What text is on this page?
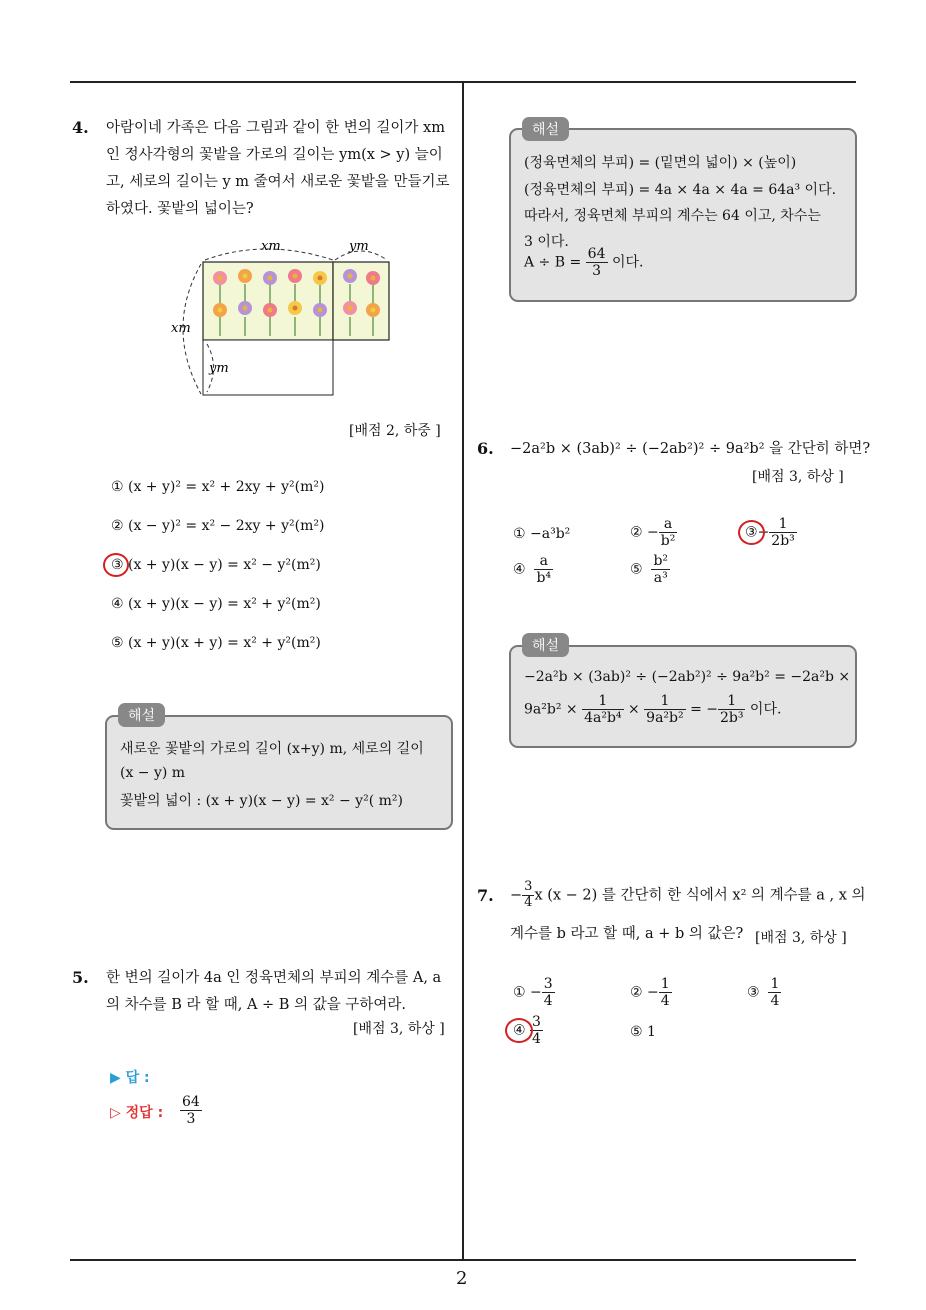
2
4. 아람이네 가족은 다음 그림과 같이 한 변의 길이가 xm
인 정사각형의 꽃밭을 가로의 길이는 ym(x > y) 늘이
고, 세로의 길이는 y m 줄여서 새로운 꽃밭을 만들기로
하였다. 꽃밭의 넓이는?
xm	ym
xm
ym
[배점 2, 하중 ]
① (x + y)² = x² + 2xy + y²(m²)
② (x − y)² = x² − 2xy + y²(m²)
③ (x + y)(x − y) = x² − y²(m²)
④ (x + y)(x − y) = x² + y²(m²)
⑤ (x + y)(x + y) = x² + y²(m²)
새로운 꽃밭의 가로의 길이 (x+y) m, 세로의 길이
(x − y) m
꽃밭의 넓이 : (x + y)(x − y) = x² − y²( m²)
해설
5. 한 변의 길이가 4a 인 정육면체의 부피의 계수를 A, a
의 차수를 B 라 할 때, A ÷ B 의 값을 구하여라.
[배점 3, 하상 ]
▶ 답 :
▷ 정답 : $\frac{64}{3}$
(정육면체의 부피) = (밑면의 넓이) × (높이)
(정육면체의 부피) = 4a × 4a × 4a = 64a³ 이다.
따라서, 정육면체 부피의 계수는 64 이고, 차수는
3 이다.
$A \div B = \frac{64}{3}$ 이다.
해설
6. −2a²b × (3ab)² ÷ (−2ab²)² ÷ 9a²b² 을 간단히 하면?
[배점 3, 하상 ]
① −a³b²	② − $\frac{a}{\text{b²}}$	③− $\frac{1}{\text{2b³}}$
④ $\frac{a}{\text{b⁴}}$	⑤ $\frac{\text{b²}}{\text{a³}}$
−2a²b × (3ab)² ÷ (−2ab²)² ÷ 9a²b² = −2a²b ×
$9a^2b^2 \times \frac{1}{\text{4a²b⁴}} \times \frac{1}{\text{9a²b²}}$ = − $\frac{1}{\text{2b³}}$ 이다.
해설
7. − $\frac{3}{4}$ x (x − 2) 를 간단히 한 식에서 x² 의 계수를 a , x 의
계수를 b 라고 할 때, a + b 의 값은? [배점 3, 하상 ]
① − $\frac{3}{4}$	② − $\frac{1}{4}$	③ $\frac{1}{4}$
④ $\frac{3}{4}$	⑤ 1
